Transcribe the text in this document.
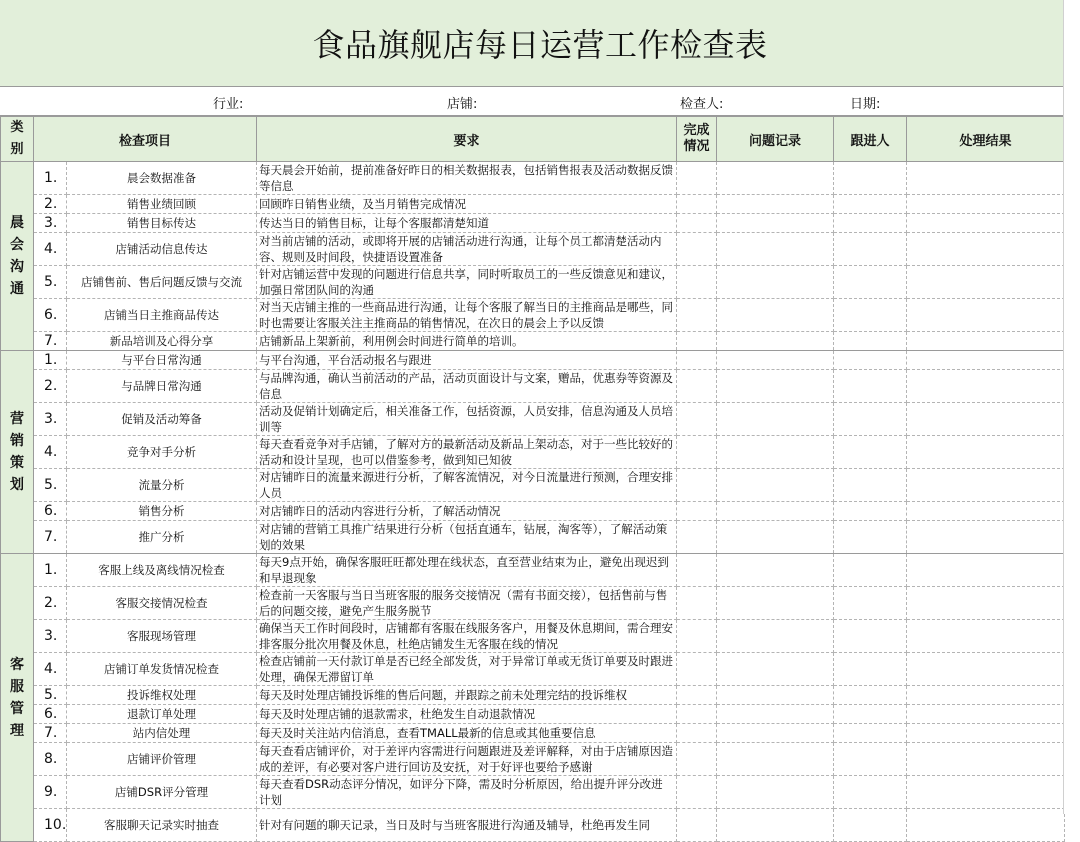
食品旗舰店每日运营工作检查表
行业:	店铺:	检查人:	日期:
类别	检查项目		要求	完成情况	问题记录	跟进人	处理结果
晨会沟通	1.	晨会数据准备	每天晨会开始前，提前准备好昨日的相关数据报表，包括销售报表及活动数据反馈等信息				
	2.	销售业绩回顾	回顾昨日销售业绩，及当月销售完成情况				
	3.	销售目标传达	传达当日的销售目标，让每个客服都清楚知道				
	4.	店铺活动信息传达	对当前店铺的活动，或即将开展的店铺活动进行沟通，让每个员工都清楚活动内容、规则及时间段，快捷语设置准备				
	5.	店铺售前、售后问题反馈与交流	针对店铺运营中发现的问题进行信息共享，同时听取员工的一些反馈意见和建议，加强日常团队间的沟通				
	6.	店铺当日主推商品传达	对当天店铺主推的一些商品进行沟通，让每个客服了解当日的主推商品是哪些，同时也需要让客服关注主推商品的销售情况，在次日的晨会上予以反馈				
	7.	新品培训及心得分享	店铺新品上架新前，利用例会时间进行简单的培训。				
营销策划	1.	与平台日常沟通	与平台沟通，平台活动报名与跟进				
	2.	与品牌日常沟通	与品牌沟通，确认当前活动的产品，活动页面设计与文案，赠品，优惠券等资源及信息				
	3.	促销及活动筹备	活动及促销计划确定后，相关准备工作，包括资源，人员安排，信息沟通及人员培训等				
	4.	竞争对手分析	每天查看竞争对手店铺，了解对方的最新活动及新品上架动态，对于一些比较好的活动和设计呈现，也可以借鉴参考，做到知已知彼				
	5.	流量分析	对店铺昨日的流量来源进行分析，了解客流情况，对今日流量进行预测，合理安排人员				
	6.	销售分析	对店铺昨日的活动内容进行分析，了解活动情况				
	7.	推广分析	对店铺的营销工具推广结果进行分析（包括直通车，钻展，淘客等），了解活动策划的效果				
客服管理	1.	客服上线及离线情况检查	每天9点开始，确保客服旺旺都处理在线状态，直至营业结束为止，避免出现迟到和早退现象				
	2.	客服交接情况检查	检查前一天客服与当日当班客服的服务交接情况（需有书面交接），包括售前与售后的问题交接，避免产生服务脱节				
	3.	客服现场管理	确保当天工作时间段时，店铺都有客服在线服务客户，用餐及休息期间，需合理安排客服分批次用餐及休息，杜绝店铺发生无客服在线的情况				
	4.	店铺订单发货情况检查	检查店铺前一天付款订单是否已经全部发货，对于异常订单或无货订单要及时跟进处理，确保无滞留订单				
	5.	投诉维权处理	每天及时处理店铺投诉维的售后问题，并跟踪之前未处理完结的投诉维权				
	6.	退款订单处理	每天及时处理店铺的退款需求，杜绝发生自动退款情况				
	7.	站内信处理	每天及时关注站内信消息，查看TMALL最新的信息或其他重要信息				
	8.	店铺评价管理	每天查看店铺评价，对于差评内容需进行问题跟进及差评解释，对由于店铺原因造成的差评，有必要对客户进行回访及安抚，对于好评也要给予感谢				
	9.	店铺DSR评分管理	每天查看DSR动态评分情况，如评分下降，需及时分析原因，给出提升评分改进计划				
	10.	客服聊天记录实时抽查	针对有问题的聊天记录，当日及时与当班客服进行沟通及辅导，杜绝再发生同				
